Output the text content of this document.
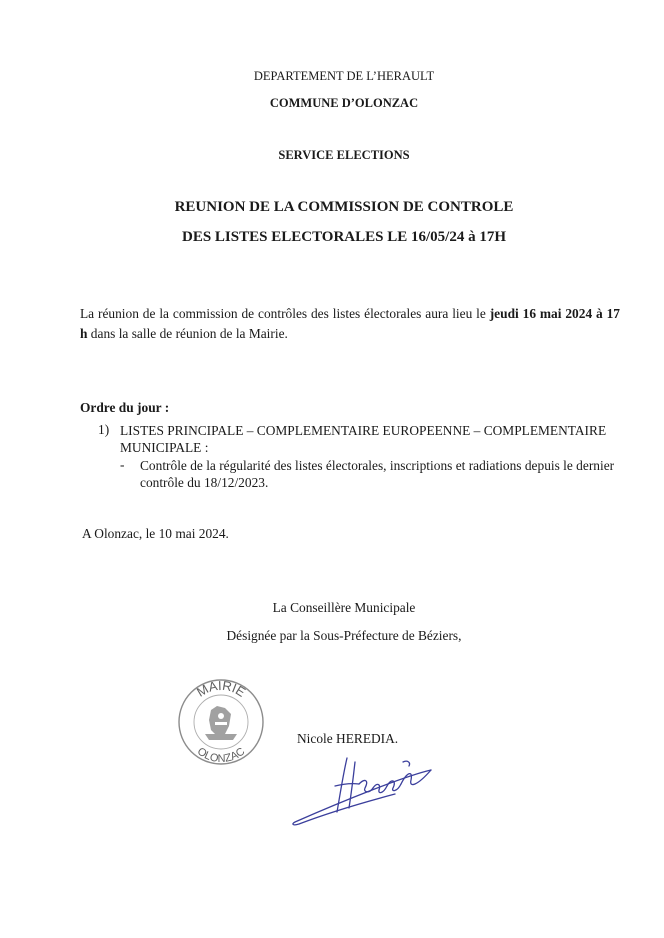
DEPARTEMENT DE L’HERAULT
COMMUNE D’OLONZAC
SERVICE ELECTIONS
REUNION DE LA COMMISSION DE CONTROLE
DES LISTES ELECTORALES LE 16/05/24 à 17H
La réunion de la commission de contrôles des listes électorales aura lieu le jeudi 16 mai 2024 à 17 h dans la salle de réunion de la Mairie.
Ordre du jour :
1) LISTES PRINCIPALE – COMPLEMENTAIRE EUROPEENNE – COMPLEMENTAIRE MUNICIPALE :
- Contrôle de la régularité des listes électorales, inscriptions et radiations depuis le dernier contrôle du 18/12/2023.
A Olonzac, le 10 mai 2024.
La Conseillère Municipale
Désignée par la Sous-Préfecture de Béziers,
MAIRIE
OLONZAC
Nicole HEREDIA.
